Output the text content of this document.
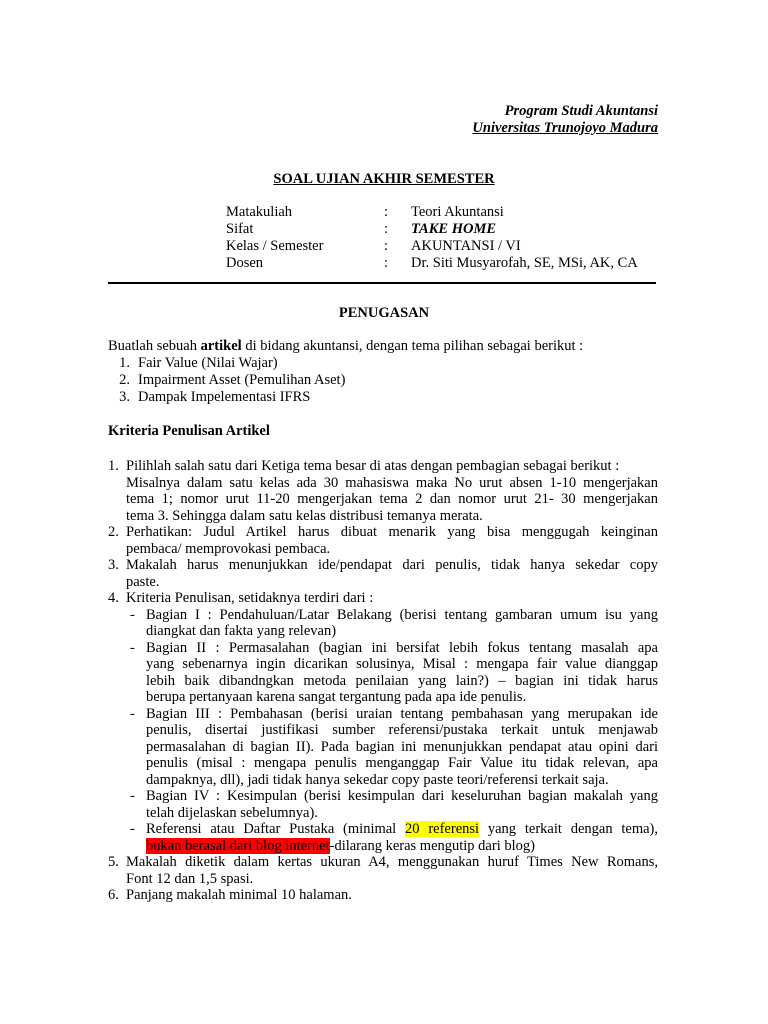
Program Studi Akuntansi
Universitas Trunojoyo Madura
SOAL UJIAN AKHIR SEMESTER
Matakuliah	:	Teori Akuntansi
Sifat	:	TAKE HOME
Kelas / Semester	:	AKUNTANSI / VI
Dosen	:	Dr. Siti Musyarofah, SE, MSi, AK, CA
PENUGASAN
Buatlah sebuah artikel di bidang akuntansi, dengan tema pilihan sebagai berikut :
1. Fair Value (Nilai Wajar)
2. Impairment Asset (Pemulihan Aset)
3. Dampak Impelementasi IFRS
Kriteria Penulisan Artikel
1. Pilihlah salah satu dari Ketiga tema besar di atas dengan pembagian sebagai berikut :
Misalnya dalam satu kelas ada 30 mahasiswa maka No urut absen 1-10 mengerjakan
tema 1; nomor urut 11-20 mengerjakan tema 2 dan nomor urut 21- 30 mengerjakan
tema 3. Sehingga dalam satu kelas distribusi temanya merata.
2. Perhatikan: Judul Artikel harus dibuat menarik yang bisa menggugah keinginan
pembaca/ memprovokasi pembaca.
3. Makalah harus menunjukkan ide/pendapat dari penulis, tidak hanya sekedar copy
paste.
4. Kriteria Penulisan, setidaknya terdiri dari :
- Bagian I : Pendahuluan/Latar Belakang (berisi tentang gambaran umum isu yang
diangkat dan fakta yang relevan)
- Bagian II : Permasalahan (bagian ini bersifat lebih fokus tentang masalah apa
yang sebenarnya ingin dicarikan solusinya, Misal : mengapa fair value dianggap
lebih baik dibandngkan metoda penilaian yang lain?) – bagian ini tidak harus
berupa pertanyaan karena sangat tergantung pada apa ide penulis.
- Bagian III : Pembahasan (berisi uraian tentang pembahasan yang merupakan ide
penulis, disertai justifikasi sumber referensi/pustaka terkait untuk menjawab
permasalahan di bagian II). Pada bagian ini menunjukkan pendapat atau opini dari
penulis (misal : mengapa penulis menganggap Fair Value itu tidak relevan, apa
dampaknya, dll), jadi tidak hanya sekedar copy paste teori/referensi terkait saja.
- Bagian IV : Kesimpulan (berisi kesimpulan dari keseluruhan bagian makalah yang
telah dijelaskan sebelumnya).
- Referensi atau Daftar Pustaka (minimal 20 referensi yang terkait dengan tema),
bukan berasal dari blog internet-dilarang keras mengutip dari blog)
5. Makalah diketik dalam kertas ukuran A4, menggunakan huruf Times New Romans,
Font 12 dan 1,5 spasi.
6. Panjang makalah minimal 10 halaman.
